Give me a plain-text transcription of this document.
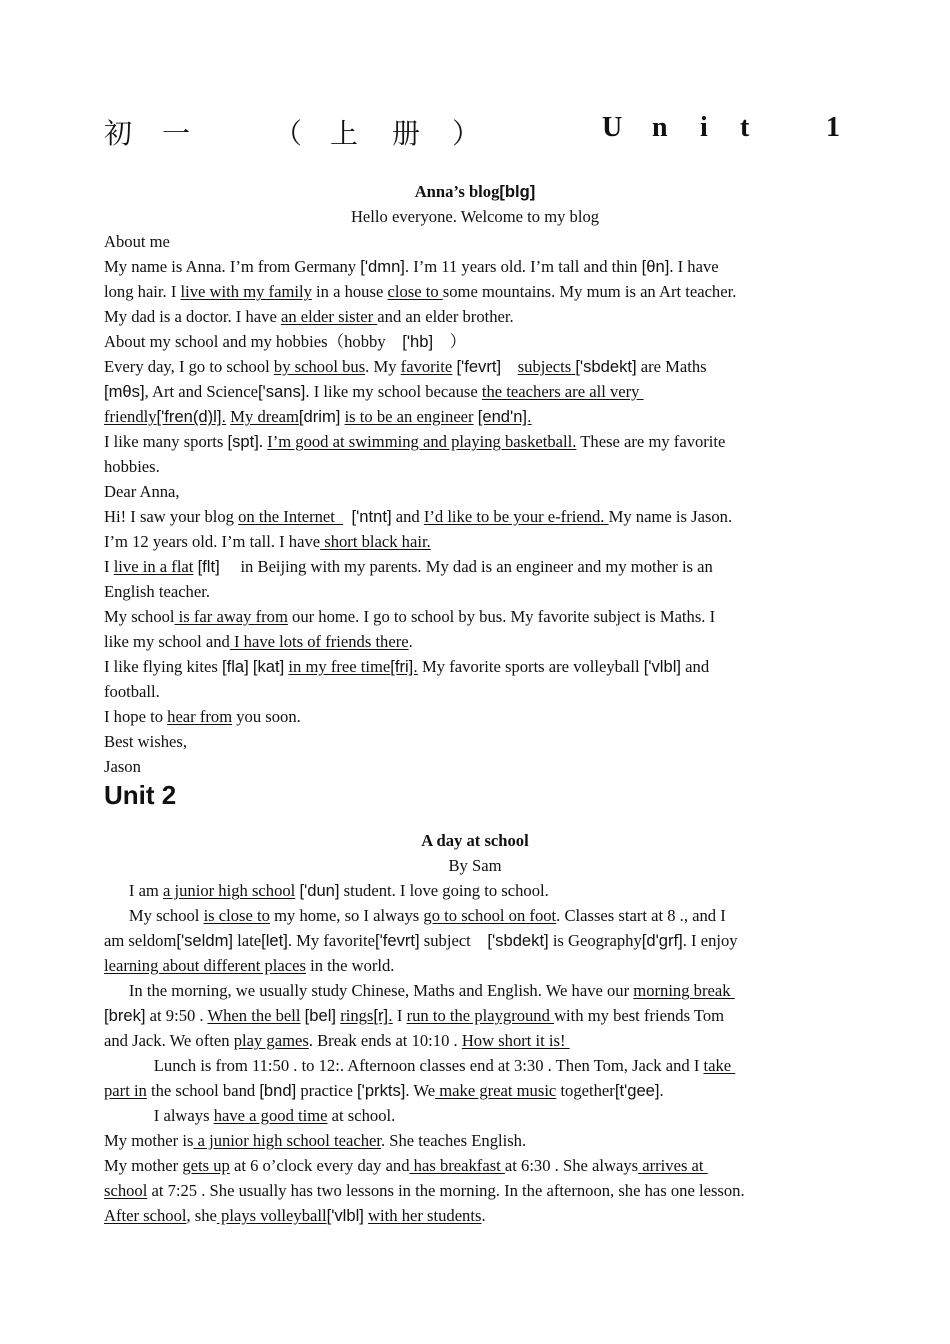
初 一	（ 上 册 ）	U n i t	1
Unit 2
Anna’s blog[blɡ]
Hello everyone. Welcome to my blog
About me
My name is Anna. I’m from Germany ['dmn]. I’m 11 years old. I’m tall and thin [θn]. I have
long hair. I live with my family in a house close to some mountains. My mum is an Art teacher.
My dad is a doctor. I have an elder sister and an elder brother.
About my school and my hobbies（hobby    ['hb]    ）
Every day, I go to school by school bus. My favorite ['fevrt] subjects ['sbdekt] are Maths
[mθs], Art and Science['sans]. I like my school because the teachers are all very
friendly['fren(d)l]. My dream[drim] is to be an engineer [end'n].
I like many sports [spt]. I’m good at swimming and playing basketball. These are my favorite
hobbies.
Dear Anna,
Hi! I saw your blog on the Internet    ['ntnt] and I’d like to be your e-friend. My name is Jason.
I’m 12 years old. I’m tall. I have short black hair.
I live in a flat [flt]     in Beijing with my parents. My dad is an engineer and my mother is an
English teacher.
My school is far away from our home. I go to school by bus. My favorite subject is Maths. I
like my school and I have lots of friends there.
I like flying kites [fla] [kat] in my free time[fri]. My favorite sports are volleyball ['vlbl] and
football.
I hope to hear from you soon.
Best wishes,
Jason
A day at school
By Sam
I am a junior high school ['dun] student. I love going to school.
My school is close to my home, so I always go to school on foot. Classes start at 8 ., and I
am seldom['seldm] late[let]. My favorite['fevrt] subject    ['sbdekt] is Geography[d'grf]. I enjoy
learning about different places in the world.
In the morning, we usually study Chinese, Maths and English. We have our morning break
[brek] at 9:50 . When the bell [bel] rings[r]. I run to the playground with my best friends Tom
and Jack. We often play games. Break ends at 10:10 . How short it is!
Lunch is from 11:50 . to 12:. Afternoon classes end at 3:30 . Then Tom, Jack and I take
part in the school band [bnd] practice ['prkts]. We make great music together[t'gee].
I always have a good time at school.
My mother is a junior high school teacher. She teaches English.
My mother gets up at 6 o’clock every day and has breakfast at 6:30 . She always arrives at
school at 7:25 . She usually has two lessons in the morning. In the afternoon, she has one lesson.
After school, she plays volleyball['vlbl] with her students.
